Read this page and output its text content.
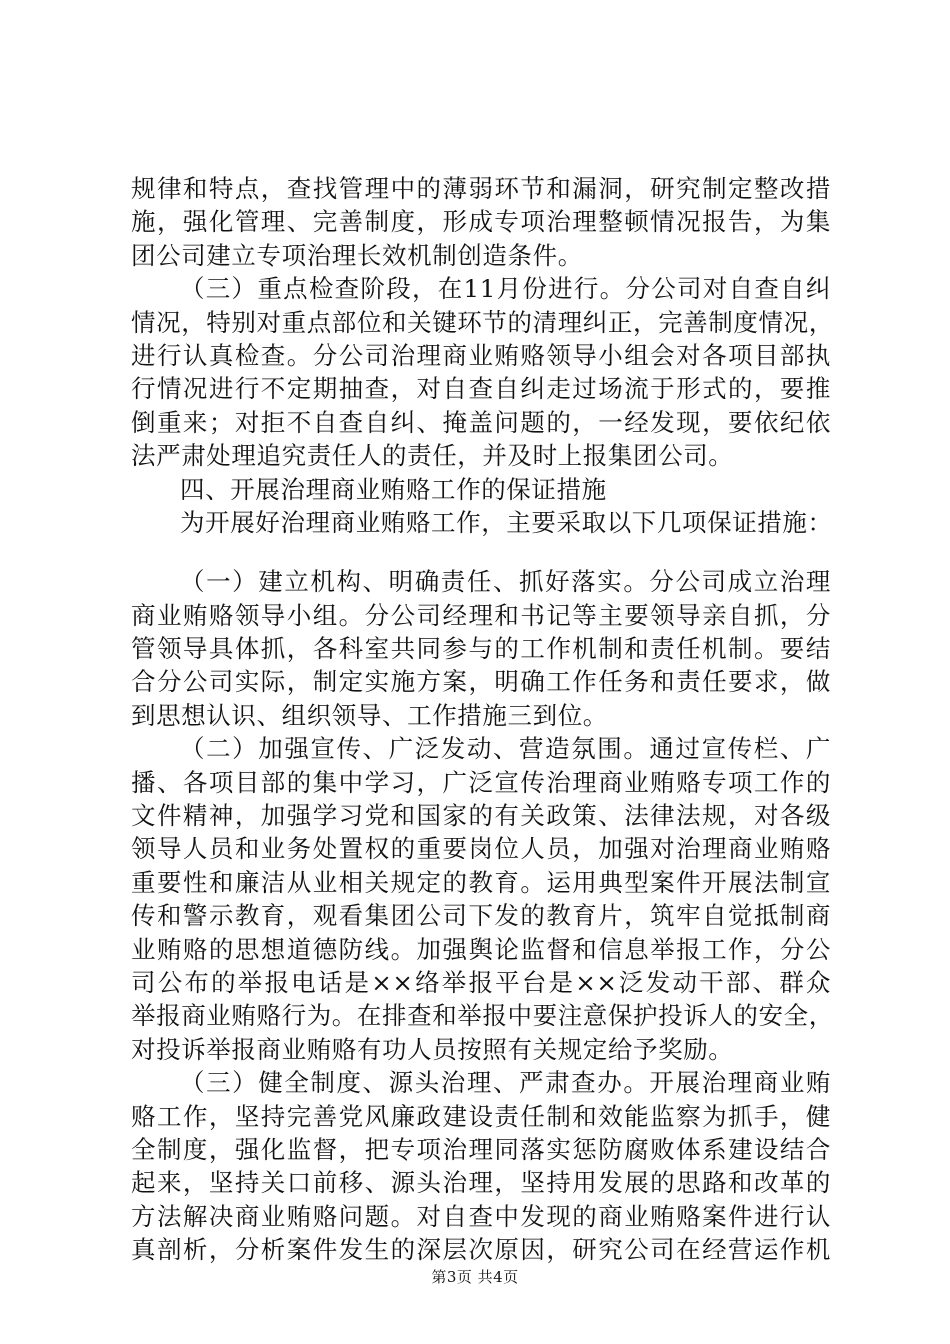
规律和特点，查找管理中的薄弱环节和漏洞，研究制定整改措
施，强化管理、完善制度，形成专项治理整顿情况报告，为集
团公司建立专项治理长效机制创造条件。
（三）重点检查阶段，在11月份进行。分公司对自查自纠
情况，特别对重点部位和关键环节的清理纠正，完善制度情况，
进行认真检查。分公司治理商业贿赂领导小组会对各项目部执
行情况进行不定期抽查，对自查自纠走过场流于形式的，要推
倒重来；对拒不自查自纠、掩盖问题的，一经发现，要依纪依
法严肃处理追究责任人的责任，并及时上报集团公司。
四、开展治理商业贿赂工作的保证措施
为开展好治理商业贿赂工作，主要采取以下几项保证措施：
（一）建立机构、明确责任、抓好落实。分公司成立治理
商业贿赂领导小组。分公司经理和书记等主要领导亲自抓，分
管领导具体抓，各科室共同参与的工作机制和责任机制。要结
合分公司实际，制定实施方案，明确工作任务和责任要求，做
到思想认识、组织领导、工作措施三到位。
（二）加强宣传、广泛发动、营造氛围。通过宣传栏、广
播、各项目部的集中学习，广泛宣传治理商业贿赂专项工作的
文件精神，加强学习党和国家的有关政策、法律法规，对各级
领导人员和业务处置权的重要岗位人员，加强对治理商业贿赂
重要性和廉洁从业相关规定的教育。运用典型案件开展法制宣
传和警示教育，观看集团公司下发的教育片，筑牢自觉抵制商
业贿赂的思想道德防线。加强舆论监督和信息举报工作，分公
司公布的举报电话是××络举报平台是××泛发动干部、群众
举报商业贿赂行为。在排查和举报中要注意保护投诉人的安全，
对投诉举报商业贿赂有功人员按照有关规定给予奖励。
（三）健全制度、源头治理、严肃查办。开展治理商业贿
赂工作，坚持完善党风廉政建设责任制和效能监察为抓手，健
全制度，强化监督，把专项治理同落实惩防腐败体系建设结合
起来，坚持关口前移、源头治理，坚持用发展的思路和改革的
方法解决商业贿赂问题。对自查中发现的商业贿赂案件进行认
真剖析，分析案件发生的深层次原因，研究公司在经营运作机
第3页 共4页
